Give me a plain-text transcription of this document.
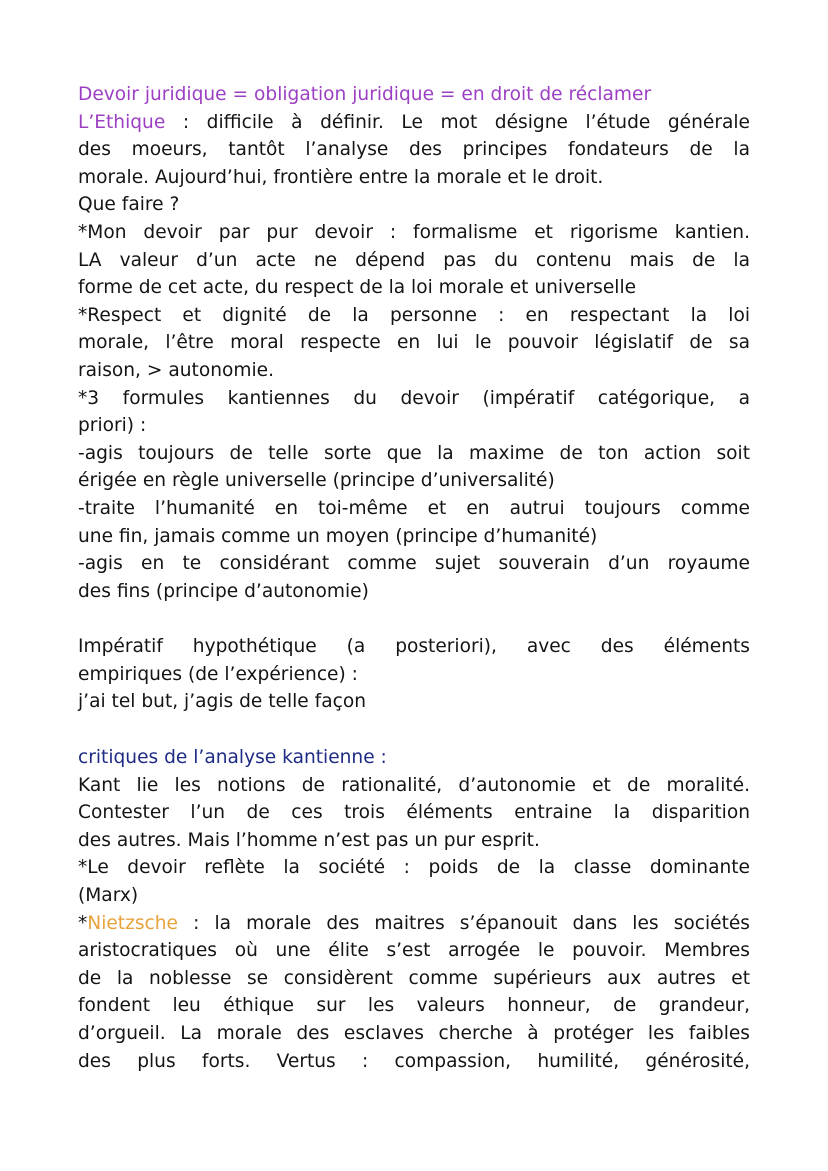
Devoir juridique = obligation juridique = en droit de réclamer
L’Ethique : difficile à définir. Le mot désigne l’étude générale
des moeurs, tantôt l’analyse des principes fondateurs de la
morale. Aujourd’hui, frontière entre la morale et le droit.
Que faire ?
*Mon devoir par pur devoir : formalisme et rigorisme kantien.
LA valeur d’un acte ne dépend pas du contenu mais de la
forme de cet acte, du respect de la loi morale et universelle
*Respect et dignité de la personne : en respectant la loi
morale, l’être moral respecte en lui le pouvoir législatif de sa
raison, > autonomie.
*3 formules kantiennes du devoir (impératif catégorique, a
priori) :
-agis toujours de telle sorte que la maxime de ton action soit
érigée en règle universelle (principe d’universalité)
-traite l’humanité en toi-même et en autrui toujours comme
une fin, jamais comme un moyen (principe d’humanité)
-agis en te considérant comme sujet souverain d’un royaume
des fins (principe d’autonomie)
Impératif hypothétique (a posteriori), avec des éléments
empiriques (de l’expérience) :
j’ai tel but, j’agis de telle façon
critiques de l’analyse kantienne :
Kant lie les notions de rationalité, d’autonomie et de moralité.
Contester l’un de ces trois éléments entraine la disparition
des autres. Mais l’homme n’est pas un pur esprit.
*Le devoir reflète la société : poids de la classe dominante
(Marx)
*Nietzsche : la morale des maitres s’épanouit dans les sociétés
aristocratiques où une élite s’est arrogée le pouvoir. Membres
de la noblesse se considèrent comme supérieurs aux autres et
fondent leu éthique sur les valeurs honneur, de grandeur,
d’orgueil. La morale des esclaves cherche à protéger les faibles
des plus forts. Vertus : compassion, humilité, générosité,
